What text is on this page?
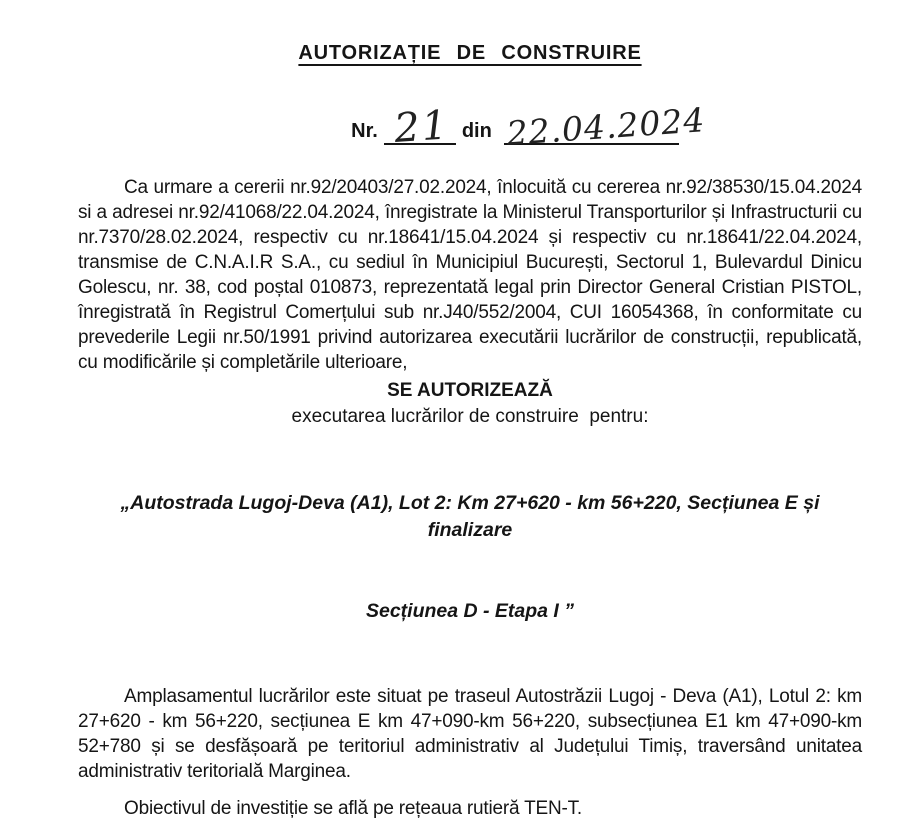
AUTORIZAȚIE DE CONSTRUIRE
Nr. 21 din 22.04.2024
Ca urmare a cererii nr.92/20403/27.02.2024, înlocuită cu cererea nr.92/38530/15.04.2024 si a adresei nr.92/41068/22.04.2024, înregistrate la Ministerul Transporturilor și Infrastructurii cu nr.7370/28.02.2024, respectiv cu nr.18641/15.04.2024 și respectiv cu nr.18641/22.04.2024, transmise de C.N.A.I.R S.A., cu sediul în Municipiul București, Sectorul 1, Bulevardul Dinicu Golescu, nr. 38, cod poștal 010873, reprezentată legal prin Director General Cristian PISTOL, înregistrată în Registrul Comerțului sub nr.J40/552/2004, CUI 16054368, în conformitate cu prevederile Legii nr.50/1991 privind autorizarea executării lucrărilor de construcții, republicată, cu modificările și completările ulterioare,
SE AUTORIZEAZĂ
executarea lucrărilor de construire  pentru:

„Autostrada Lugoj-Deva (A1), Lot 2: Km 27+620 - km 56+220, Secțiunea E și finalizare

Secțiunea D - Etapa I ”

Amplasamentul lucrărilor este situat pe traseul Autostrăzii Lugoj - Deva (A1), Lotul 2: km 27+620 - km 56+220, secțiunea E km 47+090-km 56+220, subsecțiunea E1 km 47+090-km 52+780 și se desfășoară pe teritoriul administrativ al Județului Timiș, traversând unitatea administrativ teritorială Marginea.
Obiectivul de investiție se află pe rețeaua rutieră TEN-T.
